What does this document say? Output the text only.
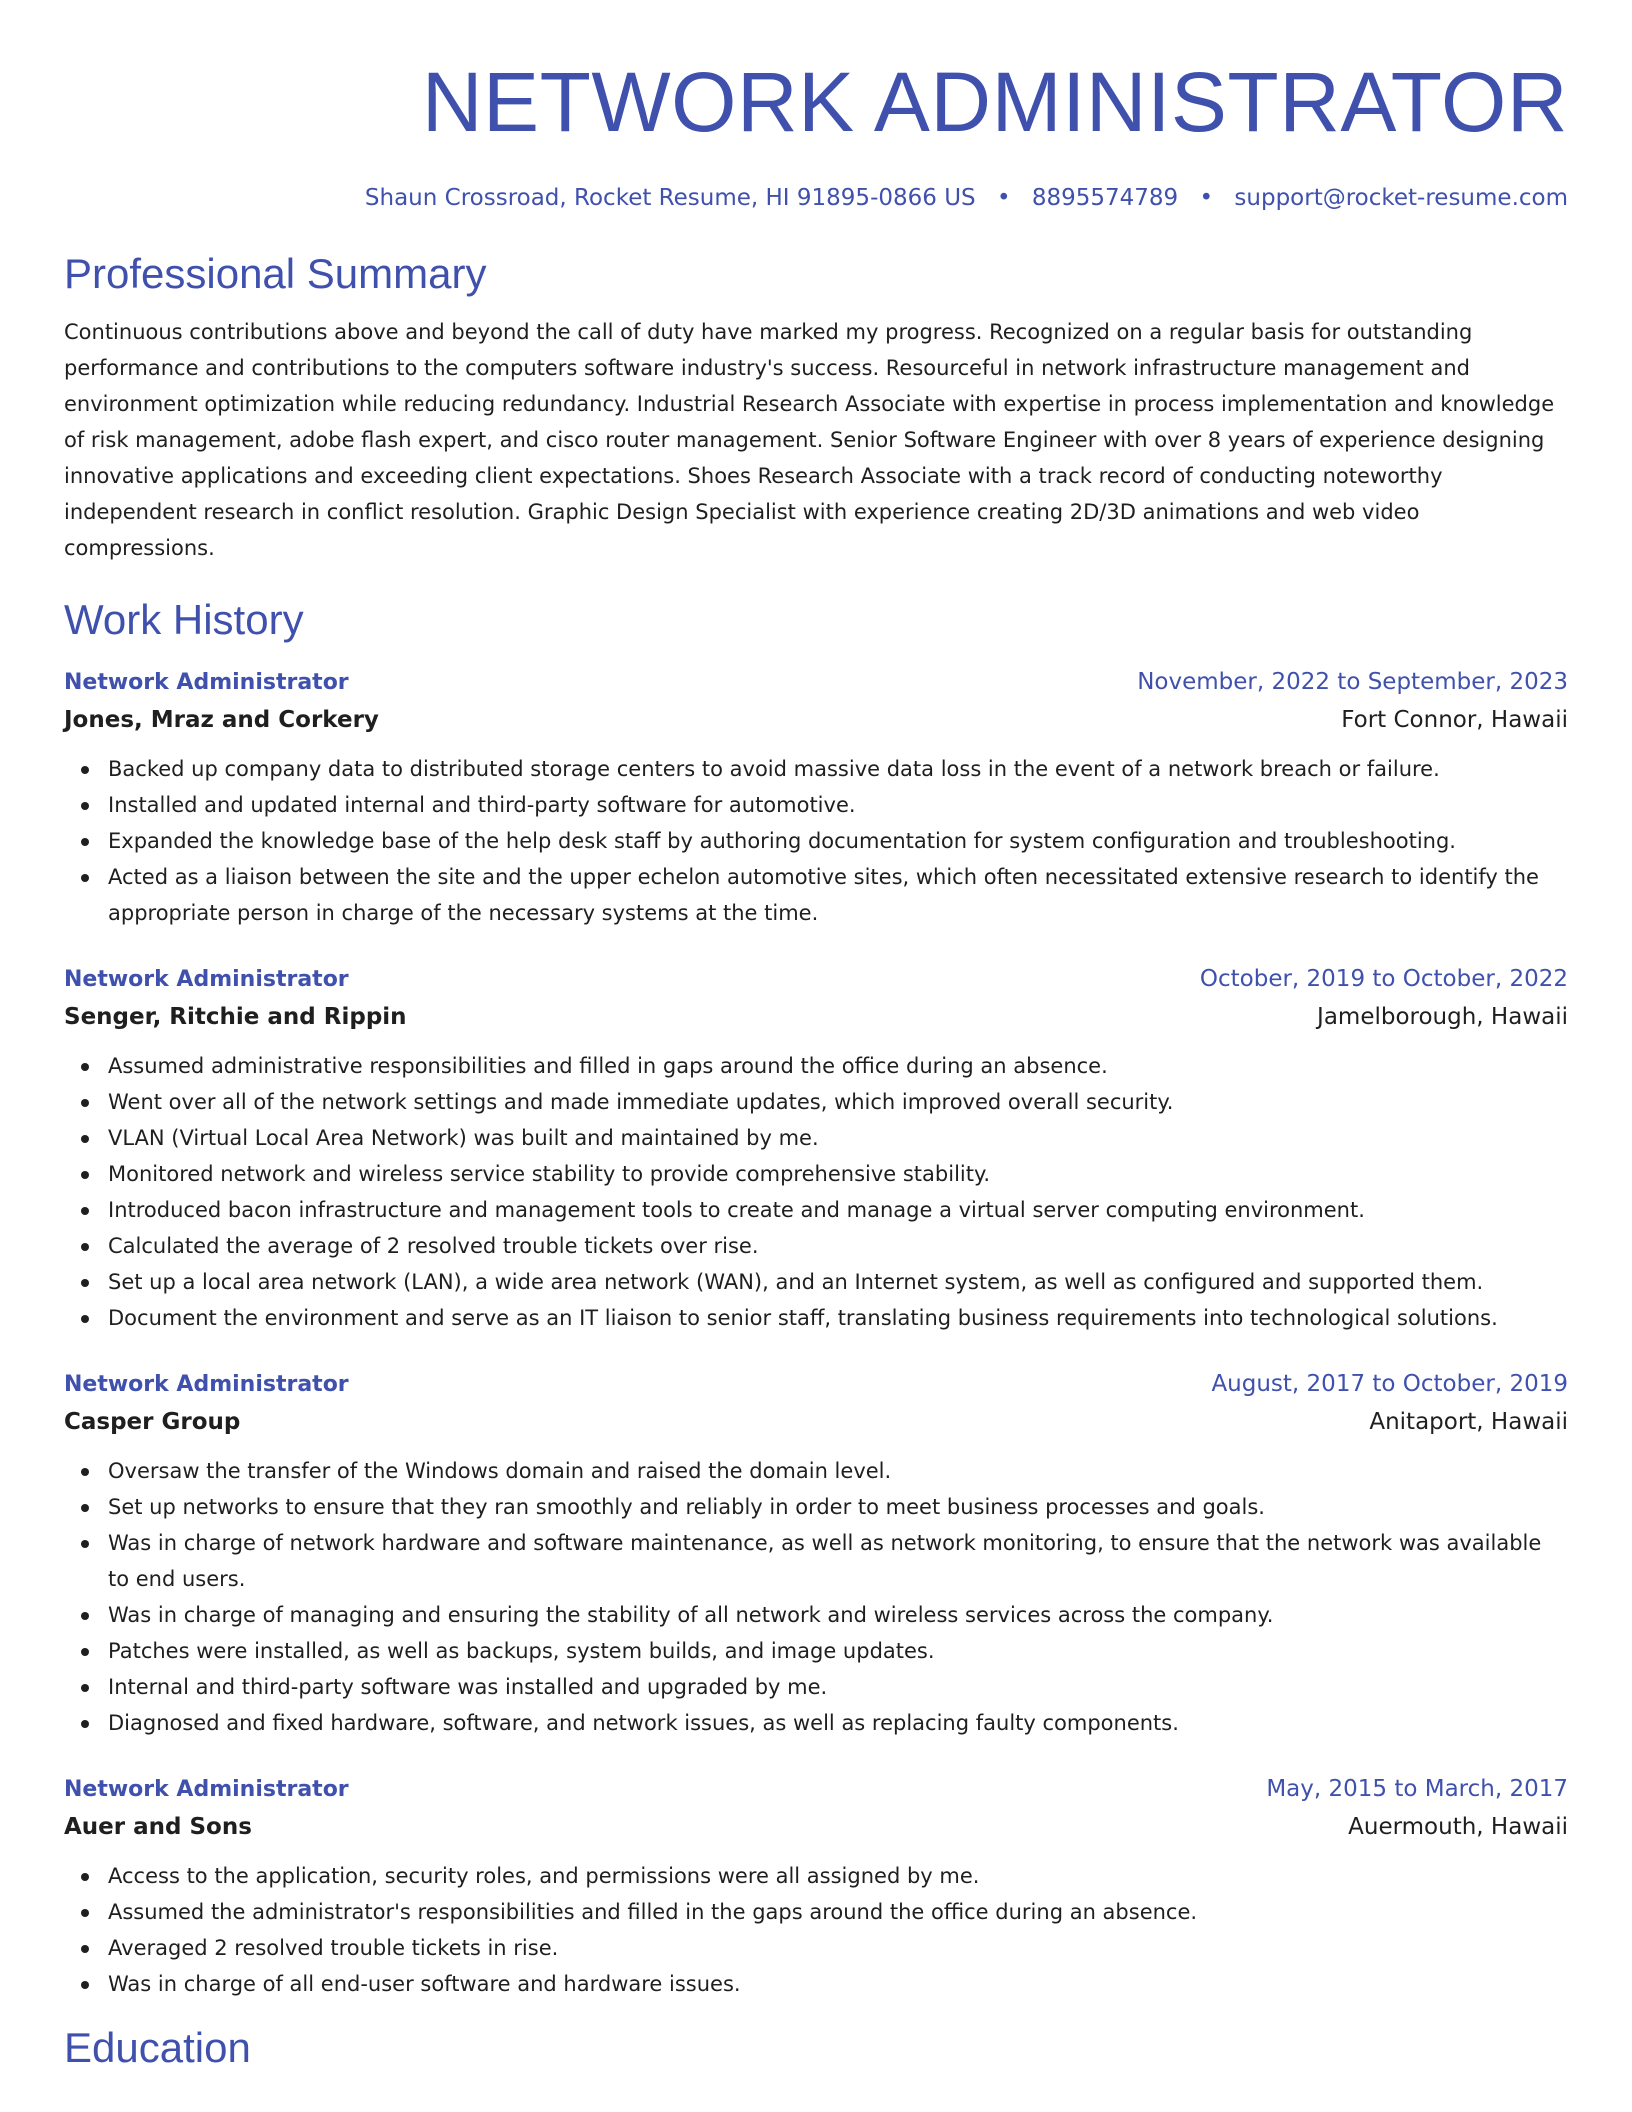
NETWORK ADMINISTRATOR
Shaun Crossroad, Rocket Resume, HI 91895-0866 US • 8895574789 • support@rocket-resume.com
Professional Summary

Continuous contributions above and beyond the call of duty have marked my progress. Recognized on a regular basis for outstanding performance and contributions to the computers software industry's success. Resourceful in network infrastructure management and environment optimization while reducing redundancy. Industrial Research Associate with expertise in process implementation and knowledge of risk management, adobe flash expert, and cisco router management. Senior Software Engineer with over 8 years of experience designing innovative applications and exceeding client expectations. Shoes Research Associate with a track record of conducting noteworthy independent research in conflict resolution. Graphic Design Specialist with experience creating 2D/3D animations and web video compressions.

Work History
Network Administrator	November, 2022 to September, 2023
Jones, Mraz and Corkery	Fort Connor, Hawaii
Backed up company data to distributed storage centers to avoid massive data loss in the event of a network breach or failure.
Installed and updated internal and third-party software for automotive.
Expanded the knowledge base of the help desk staff by authoring documentation for system configuration and troubleshooting.
Acted as a liaison between the site and the upper echelon automotive sites, which often necessitated extensive research to identify the appropriate person in charge of the necessary systems at the time.
Network Administrator	October, 2019 to October, 2022
Senger, Ritchie and Rippin	Jamelborough, Hawaii
Assumed administrative responsibilities and filled in gaps around the office during an absence.
Went over all of the network settings and made immediate updates, which improved overall security.
VLAN (Virtual Local Area Network) was built and maintained by me.
Monitored network and wireless service stability to provide comprehensive stability.
Introduced bacon infrastructure and management tools to create and manage a virtual server computing environment.
Calculated the average of 2 resolved trouble tickets over rise.
Set up a local area network (LAN), a wide area network (WAN), and an Internet system, as well as configured and supported them.
Document the environment and serve as an IT liaison to senior staff, translating business requirements into technological solutions.
Network Administrator	August, 2017 to October, 2019
Casper Group	Anitaport, Hawaii
Oversaw the transfer of the Windows domain and raised the domain level.
Set up networks to ensure that they ran smoothly and reliably in order to meet business processes and goals.
Was in charge of network hardware and software maintenance, as well as network monitoring, to ensure that the network was available to end users.
Was in charge of managing and ensuring the stability of all network and wireless services across the company.
Patches were installed, as well as backups, system builds, and image updates.
Internal and third-party software was installed and upgraded by me.
Diagnosed and fixed hardware, software, and network issues, as well as replacing faulty components.
Network Administrator	May, 2015 to March, 2017
Auer and Sons	Auermouth, Hawaii
Access to the application, security roles, and permissions were all assigned by me.
Assumed the administrator's responsibilities and filled in the gaps around the office during an absence.
Averaged 2 resolved trouble tickets in rise.
Was in charge of all end-user software and hardware issues.
Education
